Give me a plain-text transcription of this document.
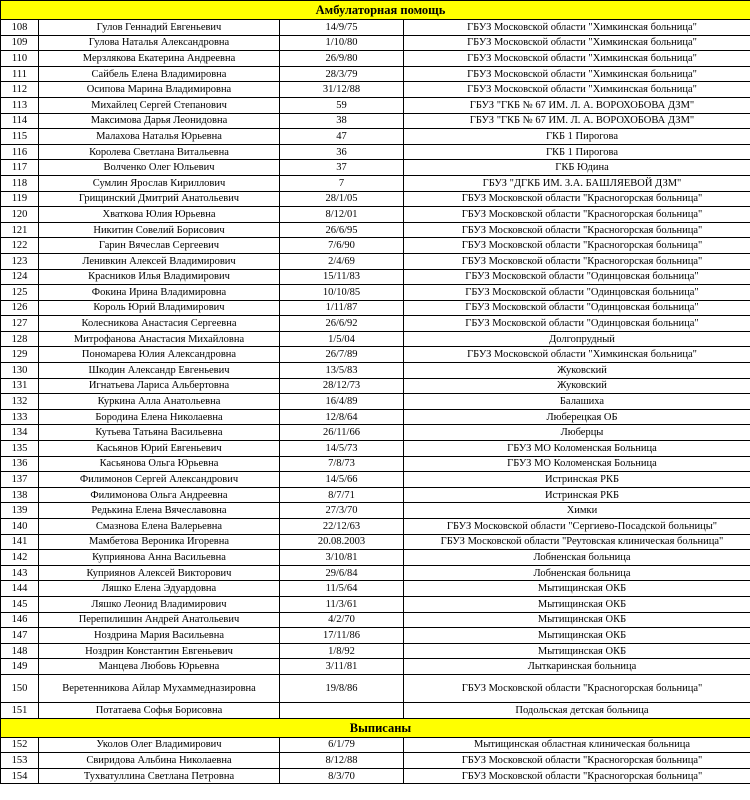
Амбулаторная помощь			
108	Гулов Геннадий Евгеньевич	14/9/75	ГБУЗ Московской области "Химкинская больница"
109	Гулова Наталья Александровна	1/10/80	ГБУЗ Московской области "Химкинская больница"
110	Мерзлякова Екатерина Андреевна	26/9/80	ГБУЗ Московской области "Химкинская больница"
111	Сайбель Елена Владимировна	28/3/79	ГБУЗ Московской области "Химкинская больница"
112	Осипова Марина Владимировна	31/12/88	ГБУЗ Московской области "Химкинская больница"
113	Михайлец Сергей Степанович	59	ГБУЗ "ГКБ № 67 ИМ. Л. А. ВОРОХОБОВА ДЗМ"
114	Максимова Дарья Леонидовна	38	ГБУЗ "ГКБ № 67 ИМ. Л. А. ВОРОХОБОВА ДЗМ"
115	Малахова Наталья Юрьевна	47	ГКБ 1 Пирогова
116	Королева Светлана Витальевна	36	ГКБ 1 Пирогова
117	Волченко Олег Юльевич	37	ГКБ Юдина
118	Сумлин Ярослав Кириллович	7	ГБУЗ "ДГКБ ИМ. З.А. БАШЛЯЕВОЙ ДЗМ"
119	Грищинский Дмитрий Анатольевич	28/1/05	ГБУЗ Московской области "Красногорская больница"
120	Хваткова Юлия Юрьевна	8/12/01	ГБУЗ Московской области "Красногорская больница"
121	Никитин Совелий Борисович	26/6/95	ГБУЗ Московской области "Красногорская больница"
122	Гарин Вячеслав Сергеевич	7/6/90	ГБУЗ Московской области "Красногорская больница"
123	Ленивкин Алексей Владимирович	2/4/69	ГБУЗ Московской области "Красногорская больница"
124	Красников Илья Владимирович	15/11/83	ГБУЗ Московской области "Одинцовская больница"
125	Фокина Ирина Владимировна	10/10/85	ГБУЗ Московской области "Одинцовская больница"
126	Король Юрий Владимирович	1/11/87	ГБУЗ Московской области "Одинцовская больница"
127	Колесникова Анастасия Сергеевна	26/6/92	ГБУЗ Московской области "Одинцовская больница"
128	Митрофанова Анастасия Михайловна	1/5/04	Долгопрудный
129	Пономарева Юлия Александровна	26/7/89	ГБУЗ Московской области "Химкинская больница"
130	Шкодин Александр Евгеньевич	13/5/83	Жуковский
131	Игнатьева Лариса Альбертовна	28/12/73	Жуковский
132	Куркина Алла Анатольевна	16/4/89	Балашиха
133	Бородина Елена Николаевна	12/8/64	Люберецкая ОБ
134	Кутьева Татьяна Васильевна	26/11/66	Люберцы
135	Касьянов Юрий Евгеньевич	14/5/73	ГБУЗ МО Коломенская Больница
136	Касьянова Ольга Юрьевна	7/8/73	ГБУЗ МО Коломенская Больница
137	Филимонов Сергей Александрович	14/5/66	Истринская РКБ
138	Филимонова Ольга Андреевна	8/7/71	Истринская РКБ
139	Редькина Елена Вячеславовна	27/3/70	Химки
140	Смазнова Елена Валерьевна	22/12/63	ГБУЗ Московской области "Сергиево-Посадской больницы"
141	Мамбетова Вероника Игоревна	20.08.2003	ГБУЗ Московской области "Реутовская клиническая больница"
142	Куприянова Анна Васильевна	3/10/81	Лобненская больница
143	Куприянов Алексей Викторович	29/6/84	Лобненская больница
144	Ляшко Елена Эдуардовна	11/5/64	Мытищинская ОКБ
145	Ляшко Леонид Владимирович	11/3/61	Мытищинская ОКБ
146	Перепилишин Андрей Анатольевич	4/2/70	Мытищинская ОКБ
147	Ноздрина Мария Васильевна	17/11/86	Мытищинская ОКБ
148	Ноздрин Константин Евгеньевич	1/8/92	Мытищинская ОКБ
149	Манцева Любовь Юрьевна	3/11/81	Лыткаринская больница
150	Веретенникова Айлар Мухаммедназировна	19/8/86	ГБУЗ Московской области "Красногорская больница"
151	Потатаева Софья Борисовна		Подольская детская больница
Выписаны			
152	Уколов Олег Владимирович	6/1/79	Мытищинская областная клиническая больница
153	Свиридова Альбина Николаевна	8/12/88	ГБУЗ Московской области "Красногорская больница"
154	Тухватуллина Светлана Петровна	8/3/70	ГБУЗ Московской области "Красногорская больница"
